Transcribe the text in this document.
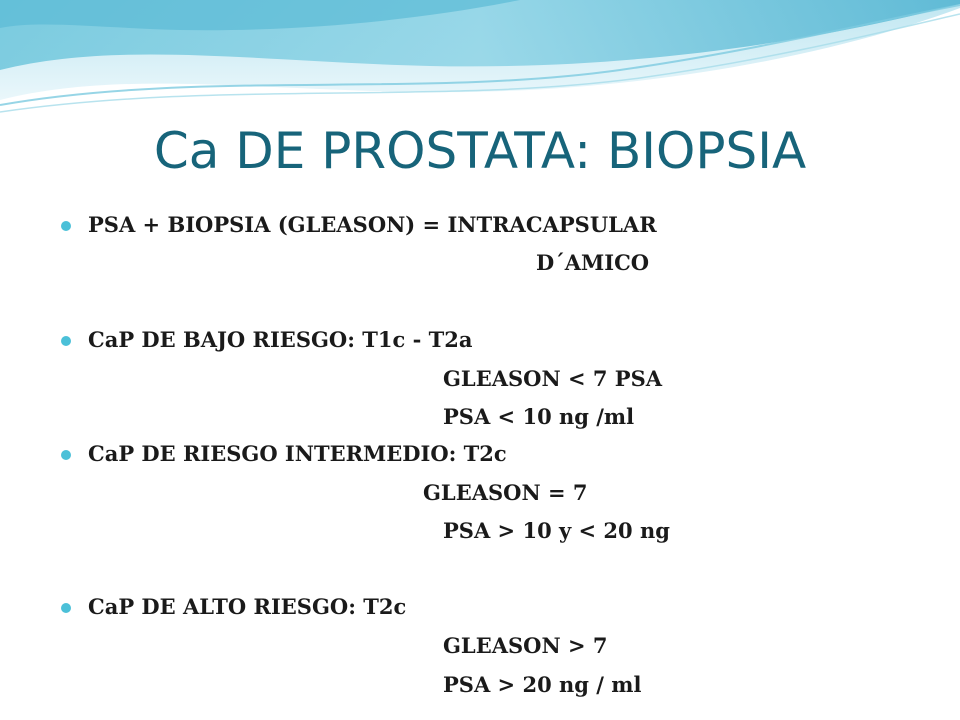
Ca DE PROSTATA: BIOPSIA

PSA + BIOPSIA (GLEASON) = INTRACAPSULAR

D´AMICO

CaP DE BAJO RIESGO: T1c - T2a

GLEASON < 7 PSA

PSA < 10 ng /ml

CaP DE RIESGO INTERMEDIO: T2c

GLEASON = 7

PSA > 10 y < 20 ng

CaP DE ALTO RIESGO: T2c

GLEASON > 7

PSA > 20 ng / ml
